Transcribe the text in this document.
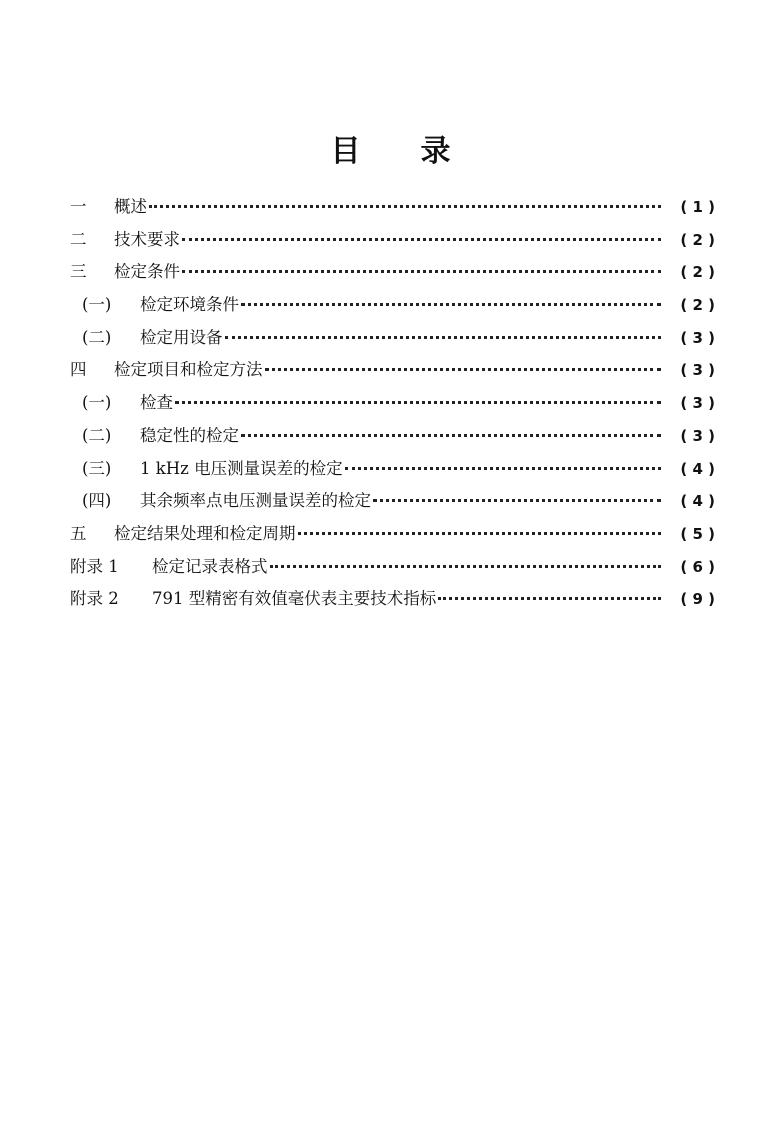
目 录
一	概述	( 1 )
二	技术要求	( 2 )
三	检定条件	( 2 )
(一)	检定环境条件	( 2 )
(二)	检定用设备	( 3 )
四	检定项目和检定方法	( 3 )
(一)	检查	( 3 )
(二)	稳定性的检定	( 3 )
(三)	1 kHz 电压测量误差的检定	( 4 )
(四)	其余频率点电压测量误差的检定	( 4 )
五	检定结果处理和检定周期	( 5 )
附录 1	检定记录表格式	( 6 )
附录 2	791 型精密有效值毫伏表主要技术指标	( 9 )
